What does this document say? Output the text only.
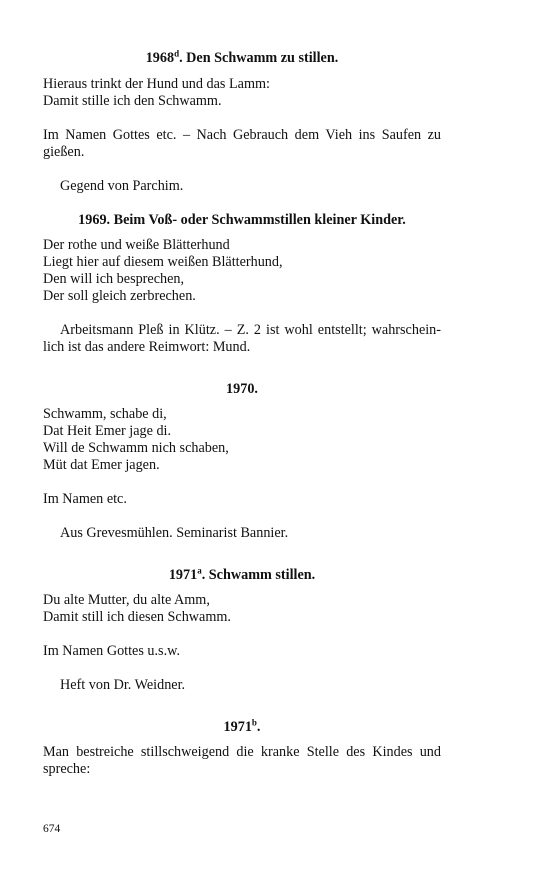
1968$^d$. Den Schwamm zu stillen.

Hieraus trinkt der Hund und das Lamm:
Damit stille ich den Schwamm.

Im Namen Gottes etc. – Nach Gebrauch dem Vieh ins Saufen zu gießen.

Gegend von Parchim.

1969. Beim Voß- oder Schwammstillen kleiner Kinder.

Der rothe und weiße Blätterhund
Liegt hier auf diesem weißen Blätterhund,
Den will ich besprechen,
Der soll gleich zerbrechen.

Arbeitsmann Pleß in Klütz. – Z. 2 ist wohl entstellt; wahrschein-lich ist das andere Reimwort: Mund.

1970.

Schwamm, schabe di,
Dat Heit Emer jage di.
Will de Schwamm nich schaben,
Müt dat Emer jagen.

Im Namen etc.

Aus Grevesmühlen. Seminarist Bannier.

1971$^a$. Schwamm stillen.

Du alte Mutter, du alte Amm,
Damit still ich diesen Schwamm.

Im Namen Gottes u.s.w.

Heft von Dr. Weidner.

1971$^b$.

Man bestreiche stillschweigend die kranke Stelle des Kindes und spreche:

674
